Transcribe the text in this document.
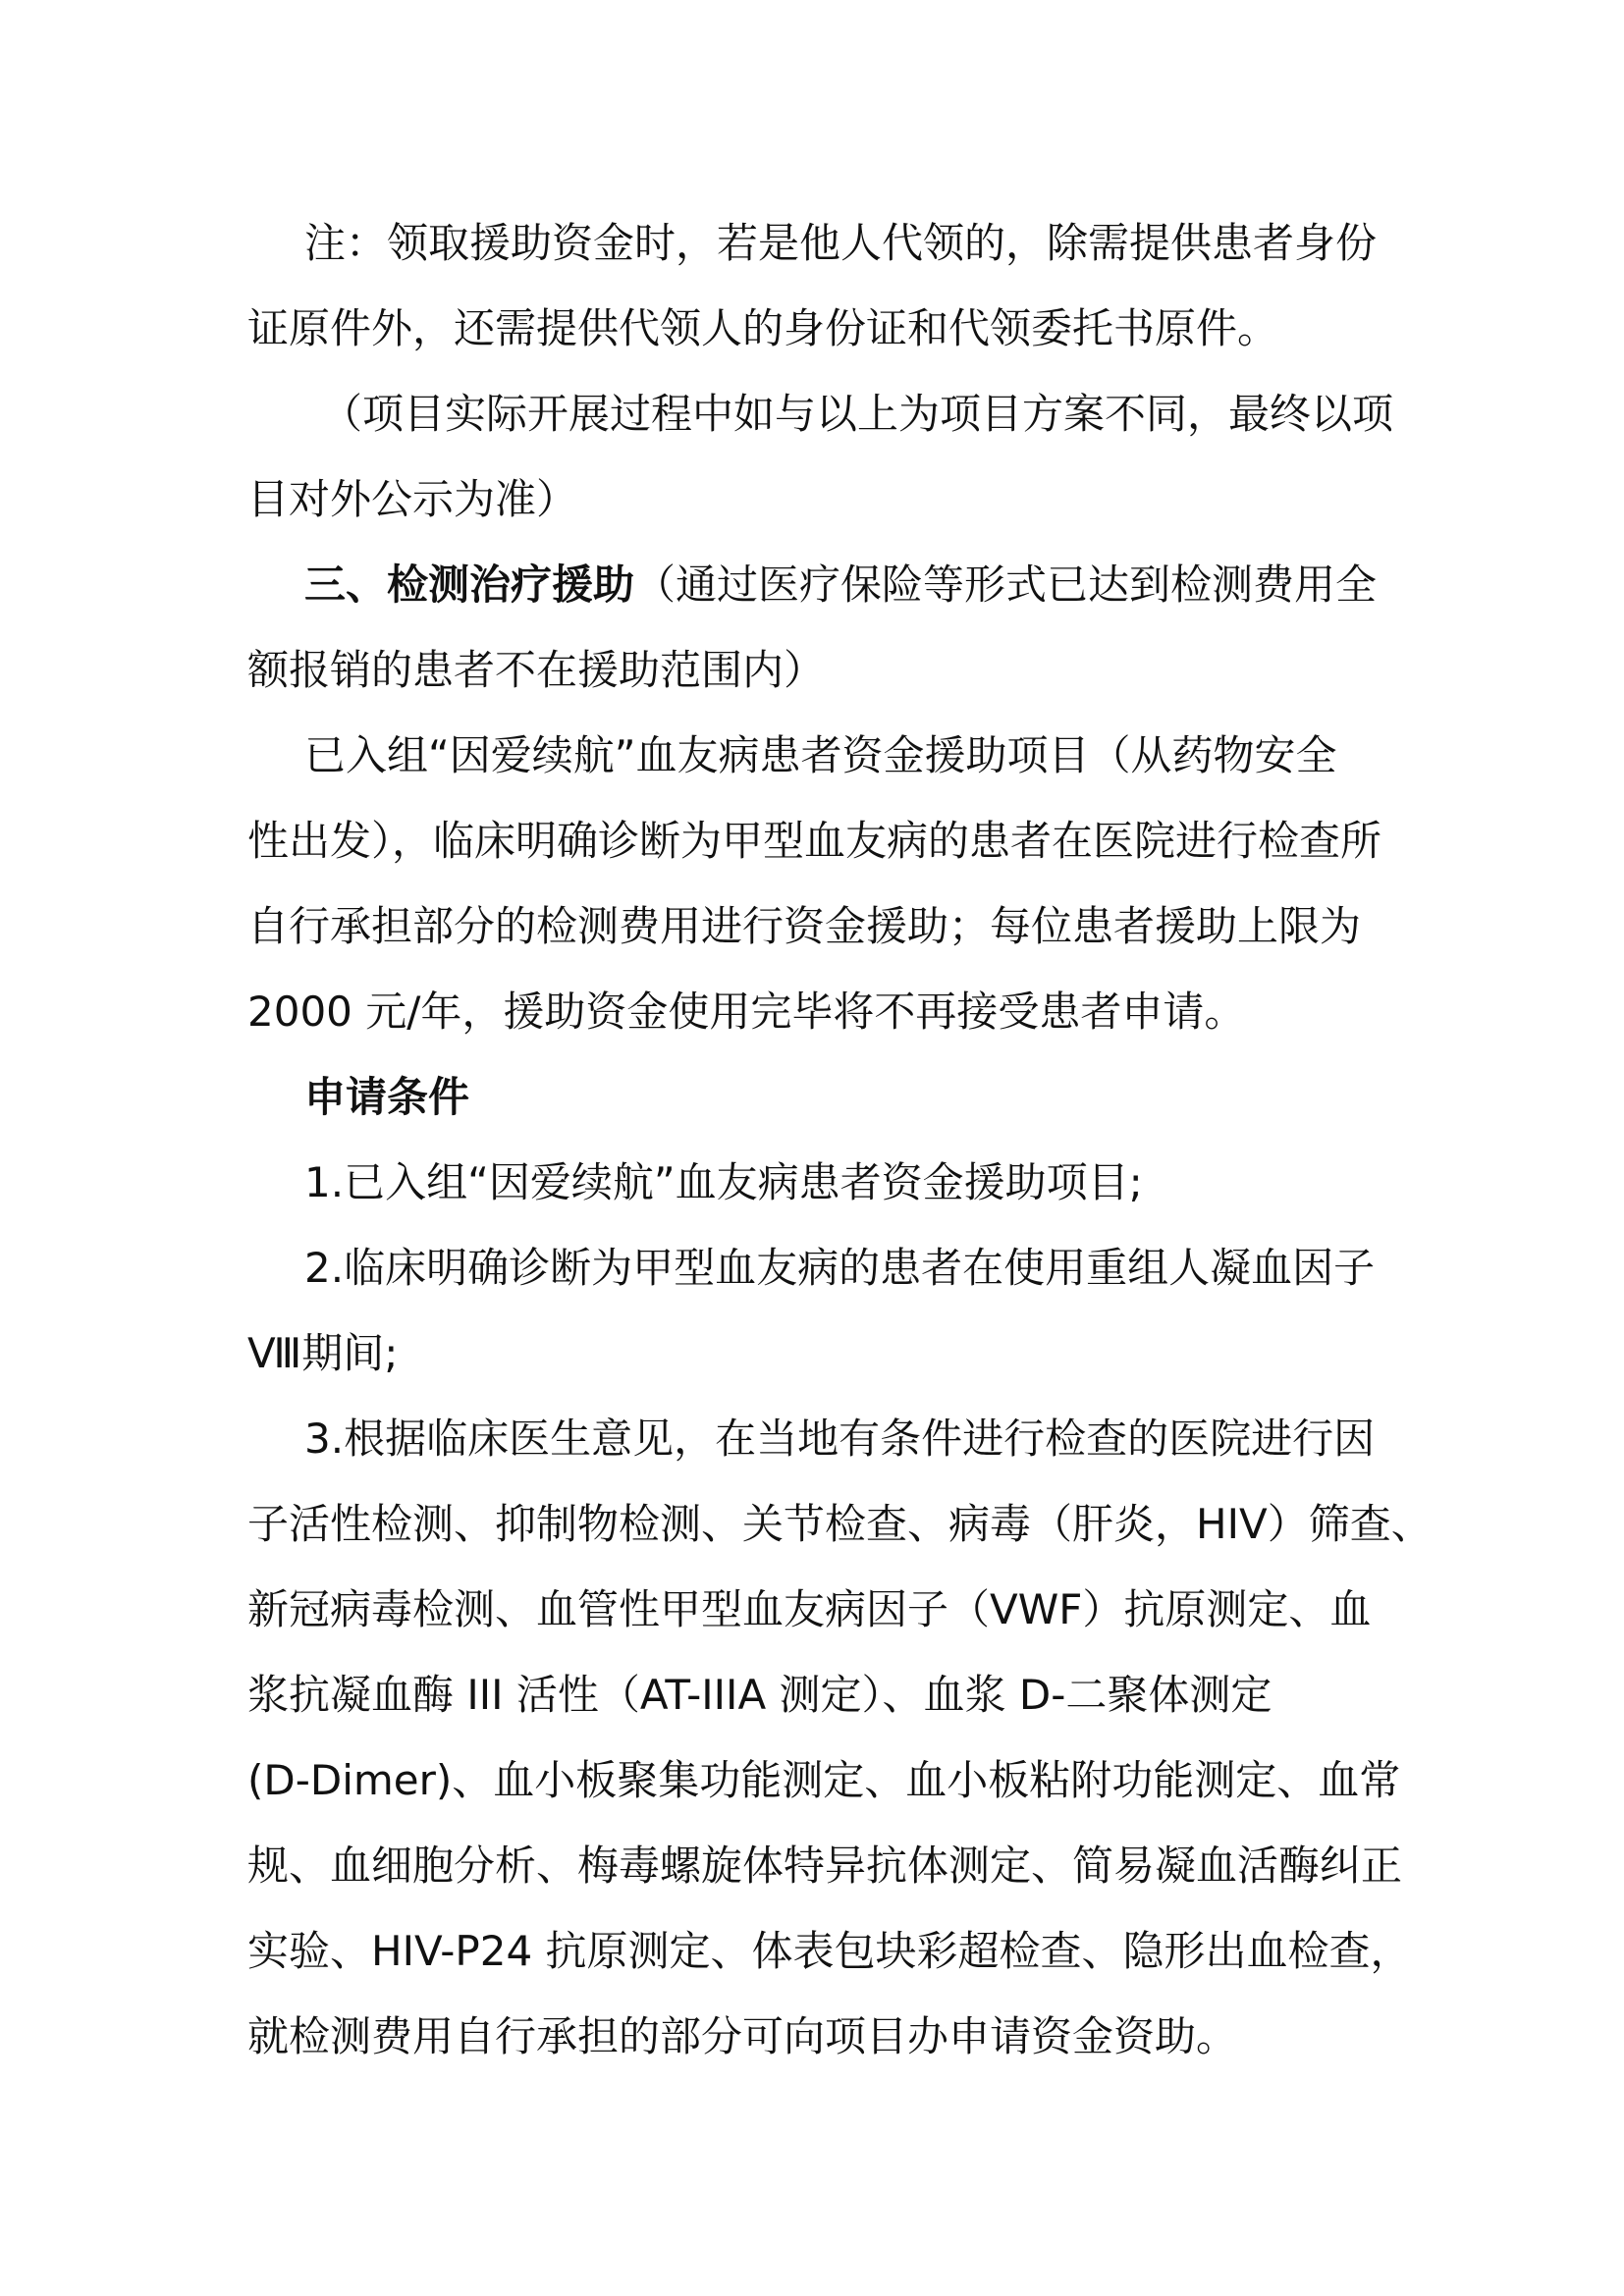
注：领取援助资金时，若是他人代领的，除需提供患者身份
证原件外，还需提供代领人的身份证和代领委托书原件。
（项目实际开展过程中如与以上为项目方案不同，最终以项
目对外公示为准）
三、检测治疗援助（通过医疗保险等形式已达到检测费用全
额报销的患者不在援助范围内）
已入组“因爱续航”血友病患者资金援助项目（从药物安全
性出发），临床明确诊断为甲型血友病的患者在医院进行检查所
自行承担部分的检测费用进行资金援助；每位患者援助上限为
2000 元/年，援助资金使用完毕将不再接受患者申请。
申请条件
1.已入组“因爱续航”血友病患者资金援助项目;
2.临床明确诊断为甲型血友病的患者在使用重组人凝血因子
Ⅷ期间;
3.根据临床医生意见，在当地有条件进行检查的医院进行因
子活性检测、抑制物检测、关节检查、病毒（肝炎，HIV）筛查、
新冠病毒检测、血管性甲型血友病因子（VWF）抗原测定、血
浆抗凝血酶 III 活性（AT-IIIA 测定）、血浆 D-二聚体测定
(D-Dimer)、血小板聚集功能测定、血小板粘附功能测定、血常
规、血细胞分析、梅毒螺旋体特异抗体测定、简易凝血活酶纠正
实验、HIV-P24 抗原测定、体表包块彩超检查、隐形出血检查，
就检测费用自行承担的部分可向项目办申请资金资助。
